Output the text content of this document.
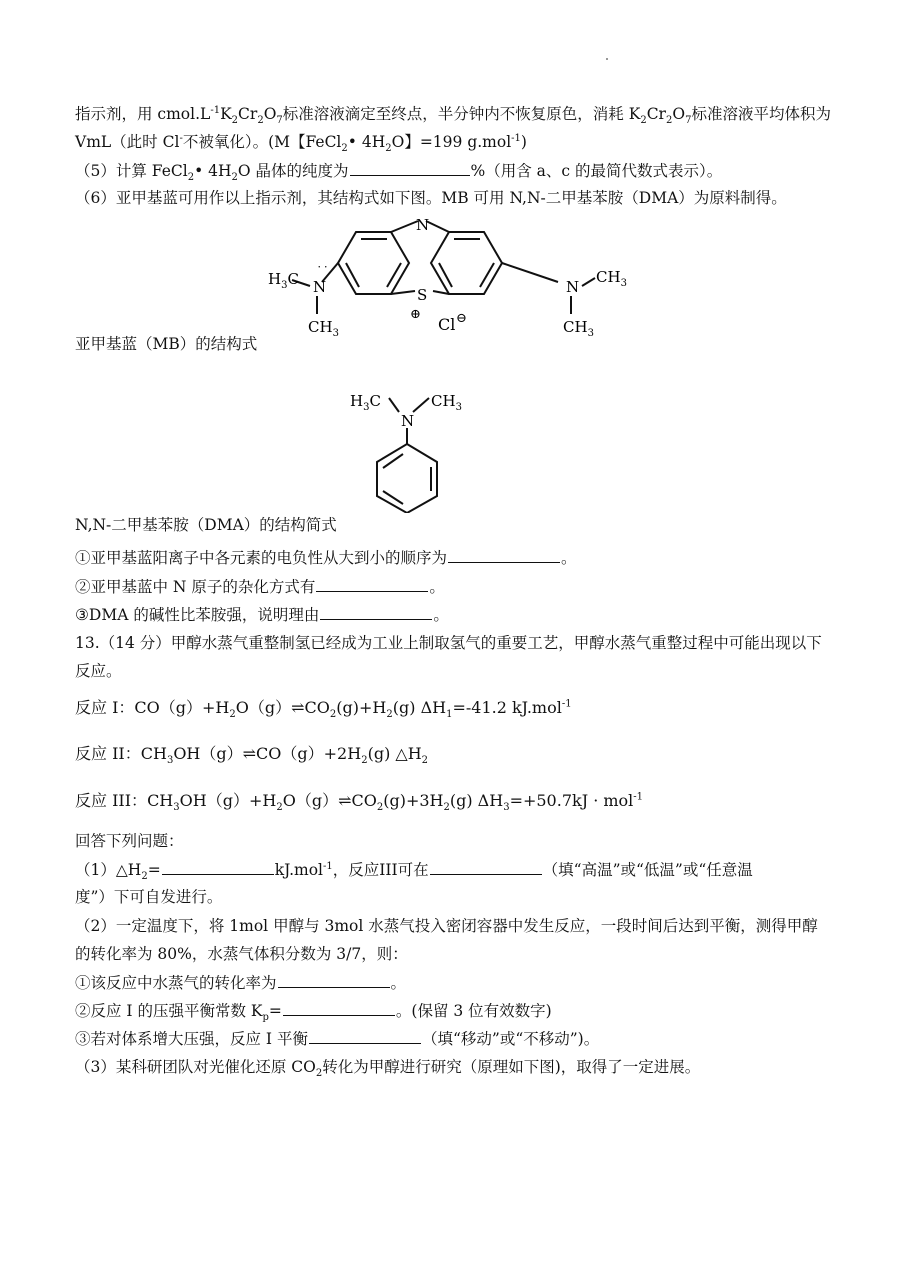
指示剂，用 $cmol.L^{-1}K_2Cr_2O_7$标准溶液滴定至终点，半分钟内不恢复原色，消耗 $K_2Cr_2O_7$标准溶液平均体积为
VmL（此时 Cl-不被氧化）。(M【FeCl$_2$• $4H_2O$】=199 g.mol$^{-1}$)
（5）计算 FeCl$_2$• $4H_2O$ 晶体的纯度为	%（用含 a、c 的最简代数式表示）。
（6）亚甲基蓝可用作以上指示剂，其结构式如下图。MB 可用 N,N-二甲基苯胺（DMA）为原料制得。
N
S
⊕
Cl ⊖
N
˙˙
$H_3C$
$CH_3$
N
$CH_3$
$CH_3$
亚甲基蓝（MB）的结构式
$H_3C$
N
$CH_3$
N,N-二甲基苯胺（DMA）的结构简式
①亚甲基蓝阳离子中各元素的电负性从大到小的顺序为	。
②亚甲基蓝中 N 原子的杂化方式有	。
③DMA 的碱性比苯胺强，说明理由	。
13.（14 分）甲醇水蒸气重整制氢已经成为工业上制取氢气的重要工艺，甲醇水蒸气重整过程中可能出现以下
反应。
反应 I：$CO(g)+H_2O(g)\rightleftharpoons CO_2(g)+H_2(g)$ $\Delta H_1=-41.2$ kJ.mol$^{-1}$
反应 II：$CH_3OH(g)\rightleftharpoons CO(g)+2H_2(g)$ $\triangle H_2$
反应 III：$CH_3OH(g)+H_2O(g)\rightleftharpoons CO_2(g)+3H_2(g) \Delta H_3=+50.7kJ \cdot mol^{-1}$
回答下列问题：
$(1)\triangle H_2=$	kJ.mol$^{-1}$，反应III可在	（填“高温”或“低温”或“任意温
度”）下可自发进行。
（2）一定温度下，将 1mol 甲醇与 3mol 水蒸气投入密闭容器中发生反应，一段时间后达到平衡，测得甲醇
的转化率为 80%，水蒸气体积分数为 3/7，则：
①该反应中水蒸气的转化率为	。
②反应 I 的压强平衡常数 $K_p=$	。(保留 3 位有效数字)
③若对体系增大压强，反应 I 平衡	（填“移动”或“不移动”)。
（3）某科研团队对光催化还原 $CO_2$转化为甲醇进行研究（原理如下图)，取得了一定进展。
